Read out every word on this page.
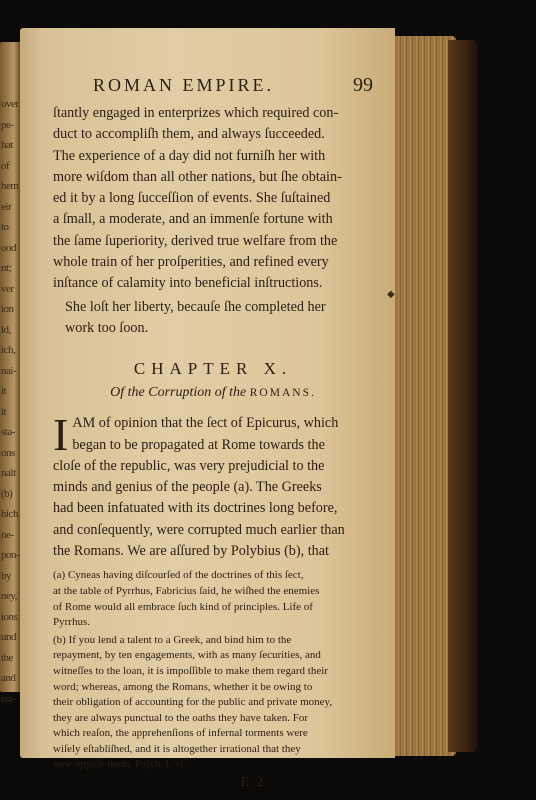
over
pe-
hat
of
hem
eir
to
ood
nt;
ver
ion
ld,
ich,
nai-
it
it
sta-
ons
nalt
(b)
hich
ne-
pon-
by
ney,
ions
und
the
and
ust-
ROMAN EMPIRE.	99

ſtantly engaged in enterprizes which required con-
duct to accompliſh them, and always ſucceeded.
The experience of a day did not furniſh her with
more wiſdom than all other nations, but ſhe obtain-
ed it by a long ſucceſſion of events. She ſuſtained
a ſmall, a moderate, and an immenſe fortune with
the ſame ſuperiority, derived true welfare from the
whole train of her proſperities, and refined every
inſtance of calamity into beneficial inſtructions.

She loſt her liberty, becauſe ſhe completed her
work too ſoon.

CHAPTER X.
Of the Corruption of the ROMANS.

I AM of opinion that the ſect of Epicurus, which
began to be propagated at Rome towards the
cloſe of the republic, was very prejudicial to the
minds and genius of the people (a). The Greeks
had been infatuated with its doctrines long before,
and conſequently, were corrupted much earlier than
the Romans. We are aſſured by Polybius (b), that

(a) Cyneas having diſcourſed of the doctrines of this ſect,
at the table of Pyrrhus, Fabricius ſaid, he wiſhed the enemies
of Rome would all embrace ſuch kind of principles. Life of
Pyrrhus.

(b) If you lend a talent to a Greek, and bind him to the
repayment, by ten engagements, with as many ſecurities, and
witneſſes to the loan, it is impoſſible to make them regard their
word; whereas, among the Romans, whether it be owing to
their obligation of accounting for the public and private money,
they are always punctual to the oaths they have taken. For
which reaſon, the apprehenſions of infernal torments were
wiſely eſtabliſhed, and it is altogether irrational that they
now oppoſe them. Polyb. l. vi.

E 2
◆
